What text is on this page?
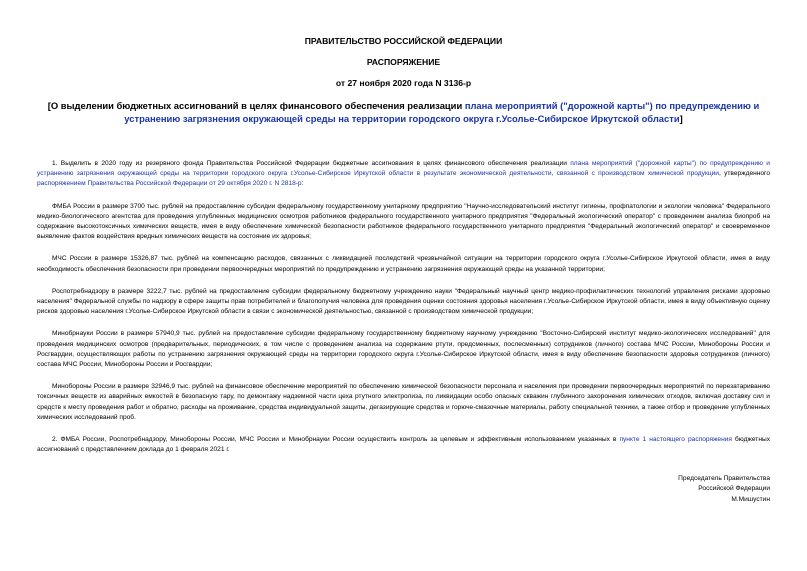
ПРАВИТЕЛЬСТВО РОССИЙСКОЙ ФЕДЕРАЦИИ
РАСПОРЯЖЕНИЕ
от 27 ноября 2020 года N 3136-р
[О выделении бюджетных ассигнований в целях финансового обеспечения реализации плана мероприятий ("дорожной карты") по предупреждению и устранению загрязнения окружающей среды на территории городского округа г.Усолье-Сибирское Иркутской области]

1. Выделить в 2020 году из резервного фонда Правительства Российской Федерации бюджетные ассигнования в целях финансового обеспечения реализации плана мероприятий ("дорожной карты") по предупреждению и устранению загрязнения окружающей среды на территории городского округа г.Усолье-Сибирское Иркутской области в результате экономической деятельности, связанной с производством химической продукции, утвержденного распоряжением Правительства Российской Федерации от 29 октября 2020 г. N 2818-р:

ФМБА России в размере 3700 тыс. рублей на предоставление субсидии федеральному государственному унитарному предприятию "Научно-исследовательский институт гигиены, профпатологии и экологии человека" Федерального медико-биологического агентства для проведения углубленных медицинских осмотров работников федерального государственного унитарного предприятия "Федеральный экологический оператор" с проведением анализа биопроб на содержание высокотоксичных химических веществ, имея в виду обеспечение химической безопасности работников федерального государственного унитарного предприятия "Федеральный экологический оператор" и своевременное выявление фактов воздействия вредных химических веществ на состояние их здоровья;

МЧС России в размере 15326,87 тыс. рублей на компенсацию расходов, связанных с ликвидацией последствий чрезвычайной ситуации на территории городского округа г.Усолье-Сибирское Иркутской области, имея в виду необходимость обеспечения безопасности при проведении первоочередных мероприятий по предупреждению и устранению загрязнения окружающей среды на указанной территории;

Роспотребнадзору в размере 3222,7 тыс. рублей на предоставление субсидии федеральному бюджетному учреждению науки "Федеральный научный центр медико-профилактических технологий управления рисками здоровью населения" Федеральной службы по надзору в сфере защиты прав потребителей и благополучия человека для проведения оценки состояния здоровья населения г.Усолье-Сибирское Иркутской области, имея в виду объективную оценку рисков здоровью населения г.Усолье-Сибирское Иркутской области в связи с экономической деятельностью, связанной с производством химической продукции;

Минобрнауки России в размере 57940,9 тыс. рублей на предоставление субсидии федеральному государственному бюджетному научному учреждению "Восточно-Сибирский институт медико-экологических исследований" для проведения медицинских осмотров (предварительных, периодических, в том числе с проведением анализа на содержание ртути, предсменных, послесменных) сотрудников (личного) состава МЧС России, Минобороны России и Росгвардии, осуществляющих работы по устранению загрязнения окружающей среды на территории городского округа г.Усолье-Сибирское Иркутской области, имея в виду обеспечение безопасности здоровья сотрудников (личного) состава МЧС России, Минобороны России и Росгвардии;

Минобороны России в размере 32946,9 тыс. рублей на финансовое обеспечение мероприятий по обеспечению химической безопасности персонала и населения при проведении первоочередных мероприятий по перезатариванию токсичных веществ из аварийных емкостей в безопасную тару, по демонтажу надземной части цеха ртутного электролиза, по ликвидации особо опасных скважин глубинного захоронения химических отходов, включая доставку сил и средств к месту проведения работ и обратно, расходы на проживание, средства индивидуальной защиты, дегазирующие средства и горюче-смазочные материалы, работу специальной техники, а также отбор и проведение углубленных химических исследований проб.

2. ФМБА России, Роспотребнадзору, Минобороны России, МЧС России и Минобрнауки России осуществить контроль за целевым и эффективным использованием указанных в пункте 1 настоящего распоряжения бюджетных ассигнований с представлением доклада до 1 февраля 2021 г.

Председатель Правительства
Российской Федерации
М.Мишустин
